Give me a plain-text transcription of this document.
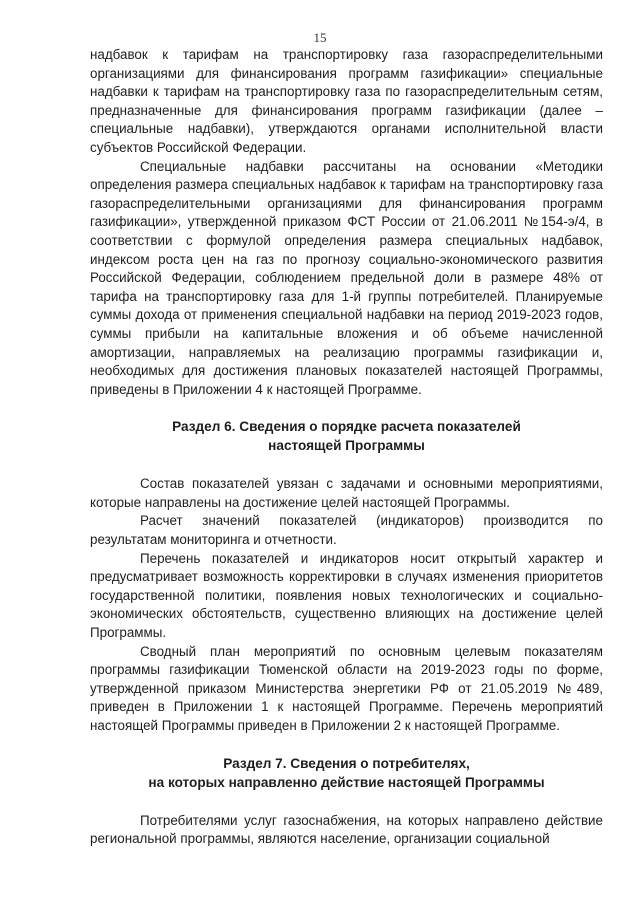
15

надбавок к тарифам на транспортировку газа газораспределительными организациями для финансирования программ газификации» специальные надбавки к тарифам на транспортировку газа по газораспределительным сетям, предназначенные для финансирования программ газификации (далее – специальные надбавки), утверждаются органами исполнительной власти субъектов Российской Федерации.

Специальные надбавки рассчитаны на основании «Методики определения размера специальных надбавок к тарифам на транспортировку газа газораспределительными организациями для финансирования программ газификации», утвержденной приказом ФСТ России от 21.06.2011 №154-э/4, в соответствии с формулой определения размера специальных надбавок, индексом роста цен на газ по прогнозу социально-экономического развития Российской Федерации, соблюдением предельной доли в размере 48% от тарифа на транспортировку газа для 1-й группы потребителей. Планируемые суммы дохода от применения специальной надбавки на период 2019-2023 годов, суммы прибыли на капитальные вложения и об объеме начисленной амортизации, направляемых на реализацию программы газификации и, необходимых для достижения плановых показателей настоящей Программы, приведены в Приложении 4 к настоящей Программе.

Раздел 6. Сведения о порядке расчета показателей
настоящей Программы

Состав показателей увязан с задачами и основными мероприятиями, которые направлены на достижение целей настоящей Программы.

Расчет значений показателей (индикаторов) производится по результатам мониторинга и отчетности.

Перечень показателей и индикаторов носит открытый характер и предусматривает возможность корректировки в случаях изменения приоритетов государственной политики, появления новых технологических и социально-экономических обстоятельств, существенно влияющих на достижение целей Программы.

Сводный план мероприятий по основным целевым показателям программы газификации Тюменской области на 2019-2023 годы по форме, утвержденной приказом Министерства энергетики РФ от 21.05.2019 №489, приведен в Приложении 1 к настоящей Программе. Перечень мероприятий настоящей Программы приведен в Приложении 2 к настоящей Программе.

Раздел 7. Сведения о потребителях,
на которых направленно действие настоящей Программы

Потребителями услуг газоснабжения, на которых направлено действие региональной программы, являются население, организации социальной
